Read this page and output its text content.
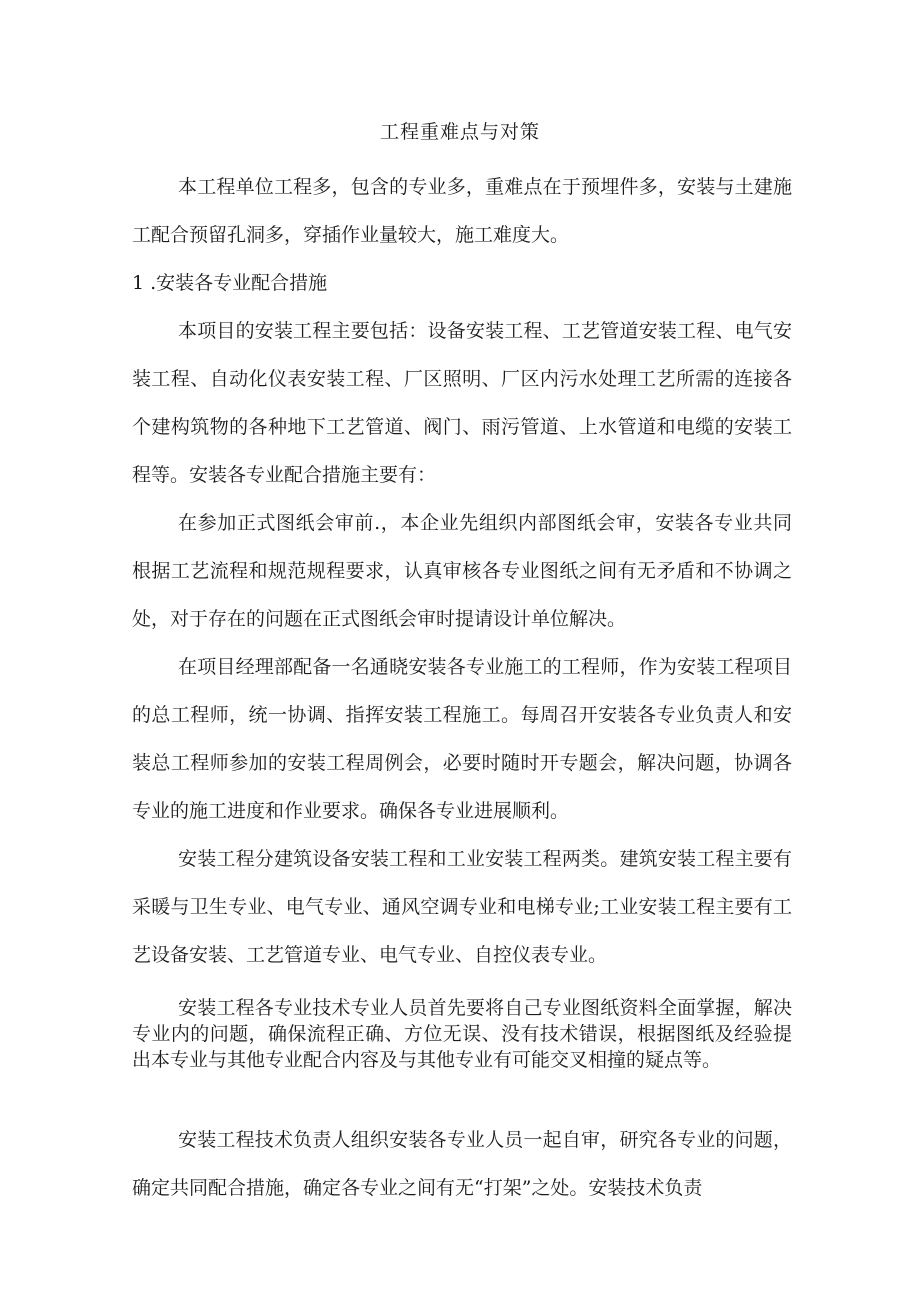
工程重难点与对策

本工程单位工程多，包含的专业多，重难点在于预埋件多，安装与土建施工配合预留孔洞多，穿插作业量较大，施工难度大。

1 .安装各专业配合措施

本项目的安装工程主要包括：设备安装工程、工艺管道安装工程、电气安装工程、自动化仪表安装工程、厂区照明、厂区内污水处理工艺所需的连接各个建构筑物的各种地下工艺管道、阀门、雨污管道、上水管道和电缆的安装工程等。安装各专业配合措施主要有：

在参加正式图纸会审前.，本企业先组织内部图纸会审，安装各专业共同根据工艺流程和规范规程要求，认真审核各专业图纸之间有无矛盾和不协调之处，对于存在的问题在正式图纸会审时提请设计单位解决。

在项目经理部配备一名通晓安装各专业施工的工程师，作为安装工程项目的总工程师，统一协调、指挥安装工程施工。每周召开安装各专业负责人和安装总工程师参加的安装工程周例会，必要时随时开专题会，解决问题，协调各专业的施工进度和作业要求。确保各专业进展顺利。

安装工程分建筑设备安装工程和工业安装工程两类。建筑安装工程主要有采暖与卫生专业、电气专业、通风空调专业和电梯专业;工业安装工程主要有工艺设备安装、工艺管道专业、电气专业、自控仪表专业。

安装工程各专业技术专业人员首先要将自己专业图纸资料全面掌握，解决专业内的问题，确保流程正确、方位无误、没有技术错误，根据图纸及经验提出本专业与其他专业配合内容及与其他专业有可能交叉相撞的疑点等。

安装工程技术负责人组织安装各专业人员一起自审，研究各专业的问题，确定共同配合措施，确定各专业之间有无“打架”之处。安装技术负责
